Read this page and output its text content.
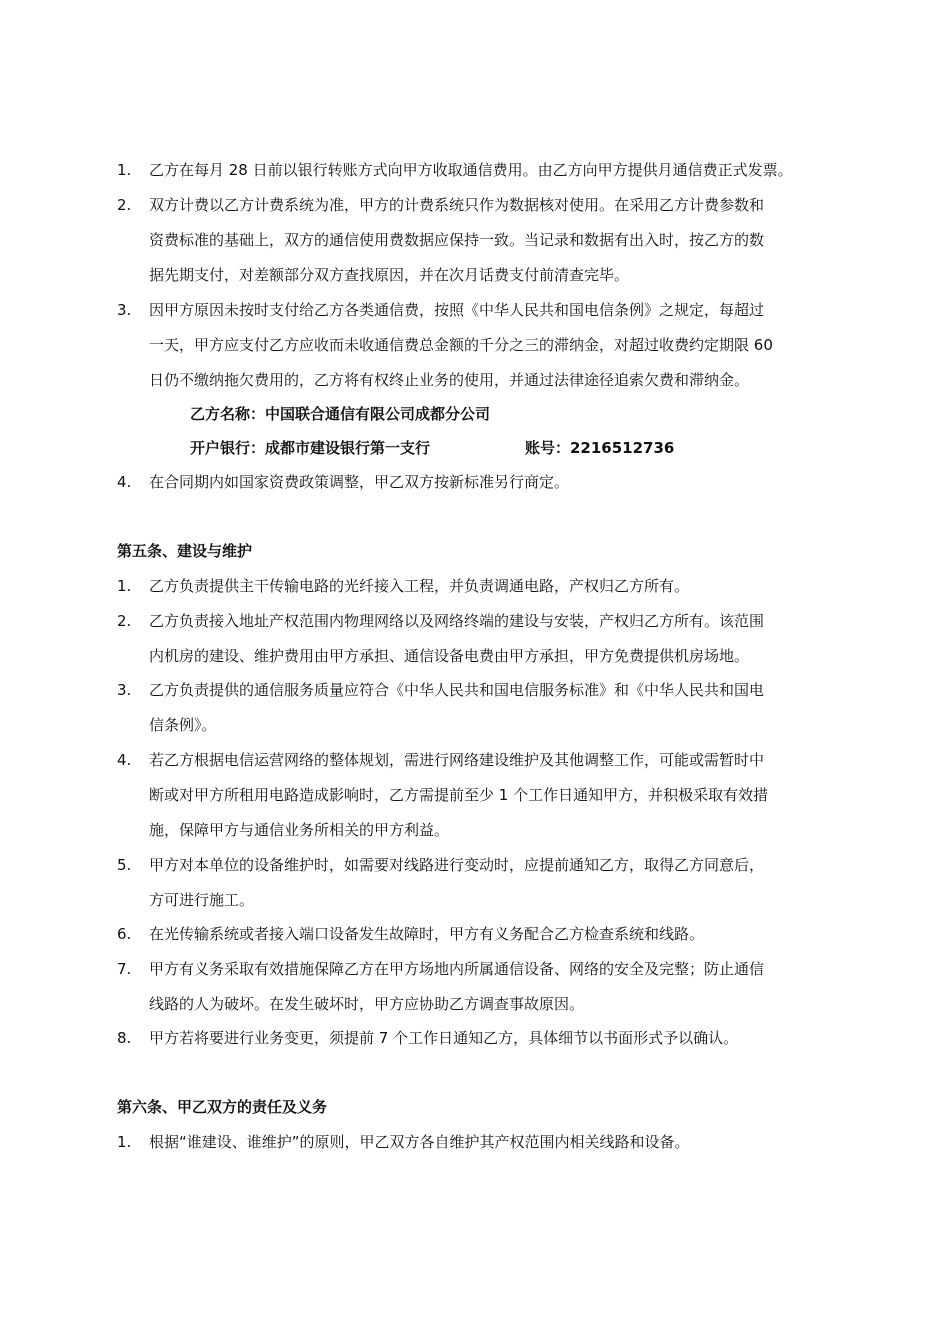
1.	乙方在每月 28 日前以银行转账方式向甲方收取通信费用。由乙方向甲方提供月通信费正式发票。
2.	双方计费以乙方计费系统为准，甲方的计费系统只作为数据核对使用。在采用乙方计费参数和
资费标准的基础上，双方的通信使用费数据应保持一致。当记录和数据有出入时，按乙方的数
据先期支付，对差额部分双方查找原因，并在次月话费支付前清查完毕。
3.	因甲方原因未按时支付给乙方各类通信费，按照《中华人民共和国电信条例》之规定，每超过
一天，甲方应支付乙方应收而未收通信费总金额的千分之三的滞纳金，对超过收费约定期限 60
日仍不缴纳拖欠费用的，乙方将有权终止业务的使用，并通过法律途径追索欠费和滞纳金。
乙方名称：中国联合通信有限公司成都分公司
开户银行：成都市建设银行第一支行	账号：2216512736
4.	在合同期内如国家资费政策调整，甲乙双方按新标准另行商定。
第五条、建设与维护
1.	乙方负责提供主干传输电路的光纤接入工程，并负责调通电路，产权归乙方所有。
2.	乙方负责接入地址产权范围内物理网络以及网络终端的建设与安装，产权归乙方所有。该范围
内机房的建设、维护费用由甲方承担、通信设备电费由甲方承担，甲方免费提供机房场地。
3.	乙方负责提供的通信服务质量应符合《中华人民共和国电信服务标准》和《中华人民共和国电
信条例》。
4.	若乙方根据电信运营网络的整体规划，需进行网络建设维护及其他调整工作，可能或需暂时中
断或对甲方所租用电路造成影响时，乙方需提前至少 1 个工作日通知甲方，并积极采取有效措
施，保障甲方与通信业务所相关的甲方利益。
5.	甲方对本单位的设备维护时，如需要对线路进行变动时，应提前通知乙方，取得乙方同意后，
方可进行施工。
6.	在光传输系统或者接入端口设备发生故障时，甲方有义务配合乙方检查系统和线路。
7.	甲方有义务采取有效措施保障乙方在甲方场地内所属通信设备、网络的安全及完整；防止通信
线路的人为破坏。在发生破坏时，甲方应协助乙方调查事故原因。
8.	甲方若将要进行业务变更，须提前 7 个工作日通知乙方，具体细节以书面形式予以确认。
第六条、甲乙双方的责任及义务
1.	根据“谁建设、谁维护”的原则，甲乙双方各自维护其产权范围内相关线路和设备。
